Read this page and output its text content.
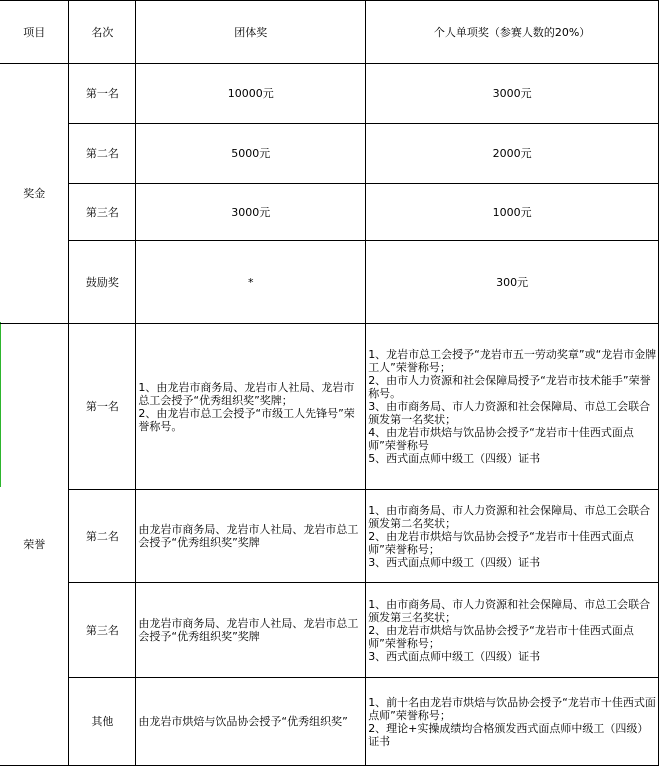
项目	名次	团体奖	个人单项奖（参赛人数的20%）
奖金	第一名	10000元	3000元
	第二名	5000元	2000元
	第三名	3000元	1000元
	鼓励奖	*	300元
荣誉	第一名	1、由龙岩市商务局、龙岩市人社局、龙岩市总工会授予“优秀组织奖”奖牌；
2、由龙岩市总工会授予“市级工人先锋号”荣誉称号。	1、龙岩市总工会授予“龙岩市五一劳动奖章”或“龙岩市金牌工人”荣誉称号；
2、由市人力资源和社会保障局授予“龙岩市技术能手”荣誉称号。
3、由市商务局、市人力资源和社会保障局、市总工会联合颁发第一名奖状；
4、由龙岩市烘焙与饮品协会授予“龙岩市十佳西式面点师”荣誉称号
5、西式面点师中级工（四级）证书

	第二名	由龙岩市商务局、龙岩市人社局、龙岩市总工会授予“优秀组织奖”奖牌	1、由市商务局、市人力资源和社会保障局、市总工会联合颁发第二名奖状；
2、由龙岩市烘焙与饮品协会授予“龙岩市十佳西式面点师”荣誉称号；
3、西式面点师中级工（四级）证书

	第三名	由龙岩市商务局、龙岩市人社局、龙岩市总工会授予“优秀组织奖”奖牌	1、由市商务局、市人力资源和社会保障局、市总工会联合颁发第三名奖状；
2、由龙岩市烘焙与饮品协会授予“龙岩市十佳西式面点师”荣誉称号；
3、西式面点师中级工（四级）证书

	其他	由龙岩市烘焙与饮品协会授予“优秀组织奖”	1、前十名由龙岩市烘焙与饮品协会授予“龙岩市十佳西式面点师”荣誉称号；
2、理论+实操成绩均合格颁发西式面点师中级工（四级）证书
